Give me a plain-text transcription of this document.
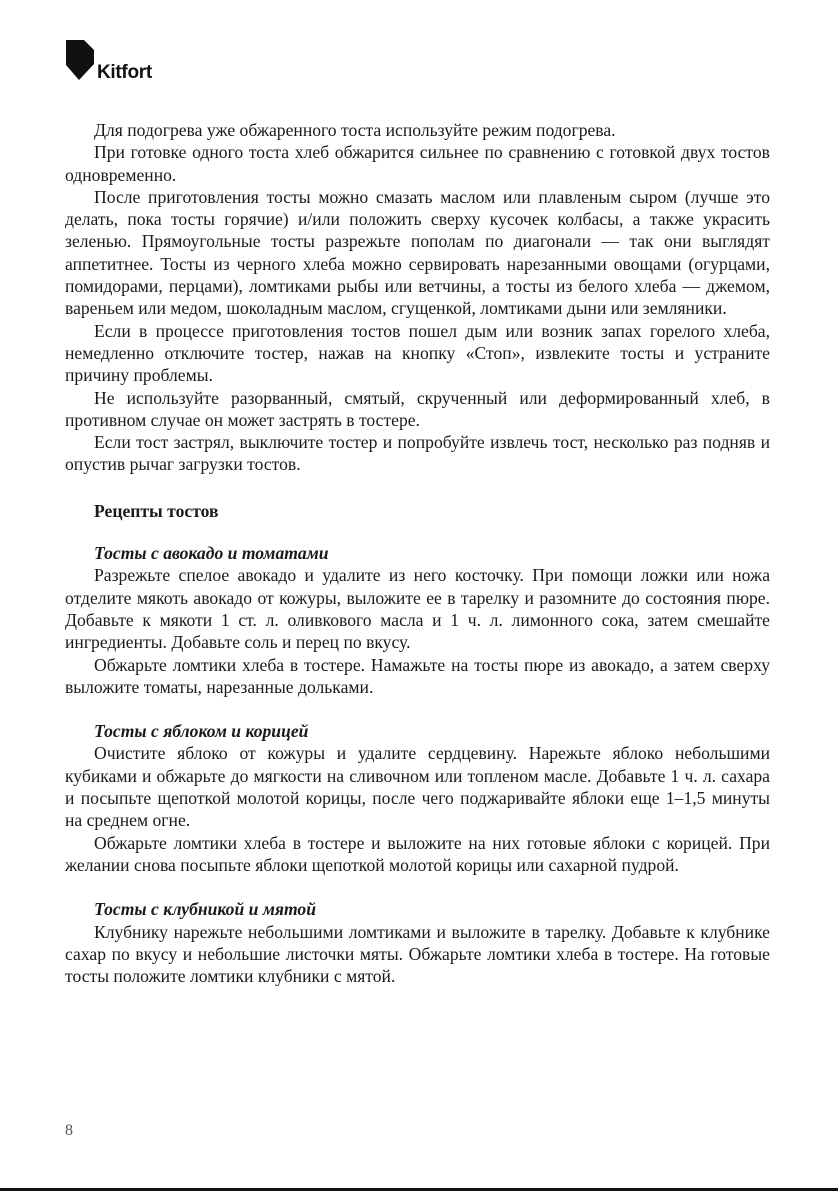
Kitfort

Для подогрева уже обжаренного тоста используйте режим подогрева.

При готовке одного тоста хлеб обжарится сильнее по сравнению с готовкой двух тостов одновременно.

После приготовления тосты можно смазать маслом или плавленым сыром (лучше это делать, пока тосты горячие) и/или положить сверху кусочек колбасы, а также украсить зеленью. Прямоугольные тосты разрежьте пополам по диагонали — так они выглядят аппетитнее. Тосты из черного хлеба можно сервировать нарезанными овощами (огурцами, помидорами, перцами), ломтиками рыбы или ветчины, а тосты из белого хлеба — джемом, вареньем или медом, шоколадным маслом, сгущенкой, ломтиками дыни или земляники.

Если в процессе приготовления тостов пошел дым или возник запах горелого хлеба, немедленно отключите тостер, нажав на кнопку «Стоп», извлеките тосты и устраните причину проблемы.

Не используйте разорванный, смятый, скрученный или деформированный хлеб, в противном случае он может застрять в тостере.

Если тост застрял, выключите тостер и попробуйте извлечь тост, несколько раз подняв и опустив рычаг загрузки тостов.

Рецепты тостов
Тосты с авокадо и томатами

Разрежьте спелое авокадо и удалите из него косточку. При помощи ложки или ножа отделите мякоть авокадо от кожуры, выложите ее в тарелку и разомните до состояния пюре. Добавьте к мякоти 1 ст. л. оливкового масла и 1 ч. л. лимонного сока, затем смешайте ингредиенты. Добавьте соль и перец по вкусу.

Обжарьте ломтики хлеба в тостере. Намажьте на тосты пюре из авокадо, а затем сверху выложите томаты, нарезанные дольками.

Тосты с яблоком и корицей

Очистите яблоко от кожуры и удалите сердцевину. Нарежьте яблоко небольшими кубиками и обжарьте до мягкости на сливочном или топленом масле. Добавьте 1 ч. л. сахара и посыпьте щепоткой молотой корицы, после чего поджаривайте яблоки еще 1–1,5 минуты на среднем огне.

Обжарьте ломтики хлеба в тостере и выложите на них готовые яблоки с корицей. При желании снова посыпьте яблоки щепоткой молотой корицы или сахарной пудрой.

Тосты с клубникой и мятой

Клубнику нарежьте небольшими ломтиками и выложите в тарелку. Добавьте к клубнике сахар по вкусу и небольшие листочки мяты. Обжарьте ломтики хлеба в тостере. На готовые тосты положите ломтики клубники с мятой.

8
